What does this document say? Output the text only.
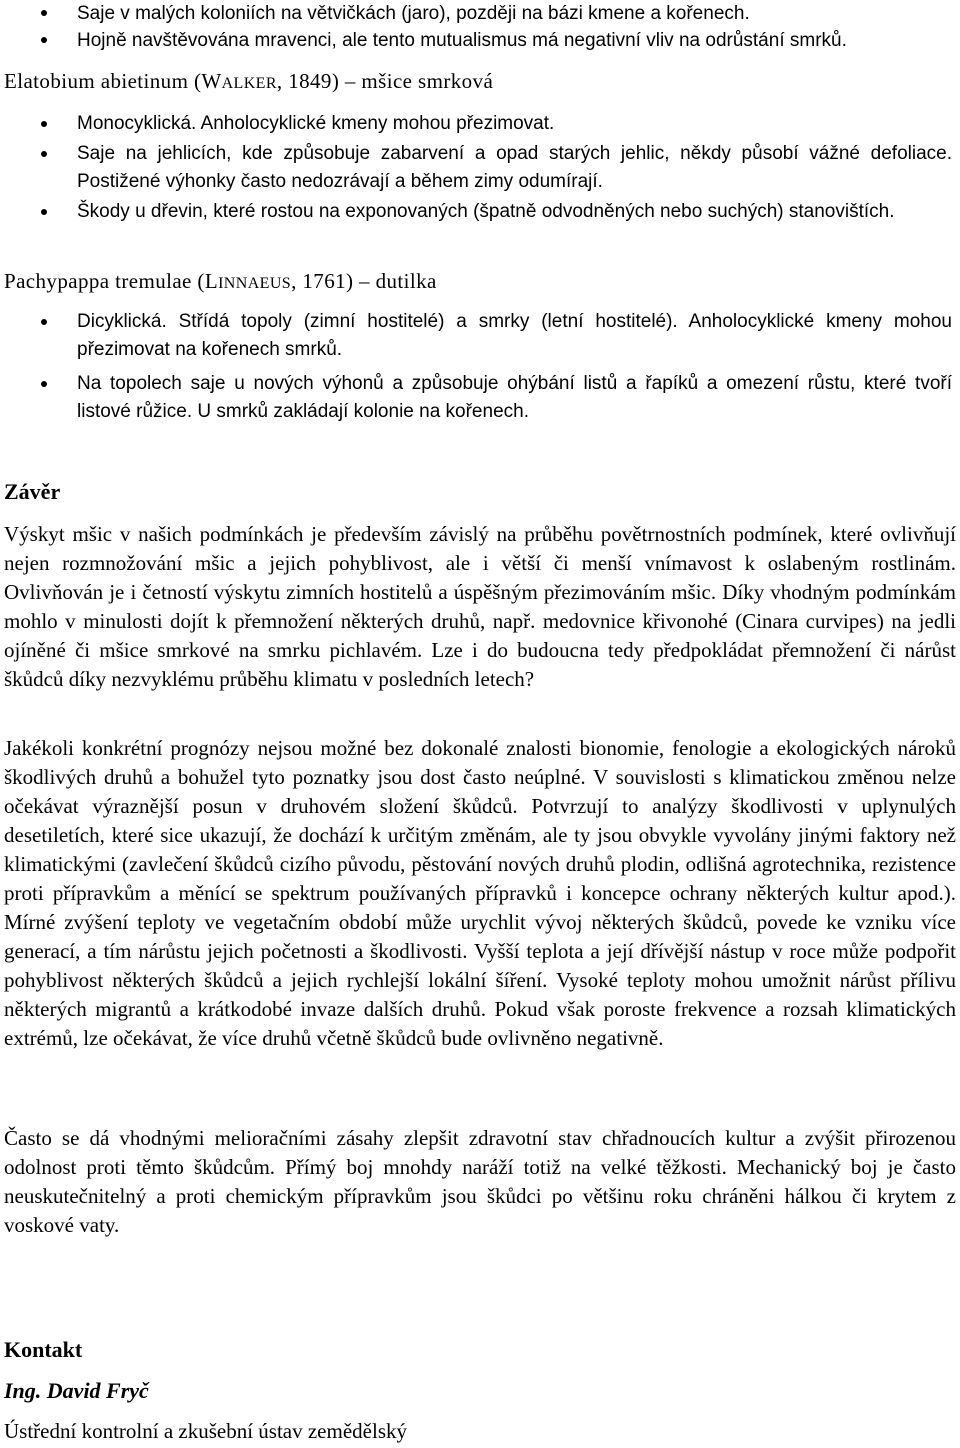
Saje v malých koloniích na větvičkách (jaro), později na bázi kmene a kořenech.
Hojně navštěvována mravenci, ale tento mutualismus má negativní vliv na odrůstání smrků.
Elatobium abietinum (WALKER, 1849) – mšice smrková
Monocyklická. Anholocyklické kmeny mohou přezimovat.
Saje na jehlicích, kde způsobuje zabarvení a opad starých jehlic, někdy působí vážné defoliace. Postižené výhonky často nedozrávají a během zimy odumírají.
Škody u dřevin, které rostou na exponovaných (špatně odvodněných nebo suchých) stanovištích.
Pachypappa tremulae (LINNAEUS, 1761) – dutilka
Dicyklická. Střídá topoly (zimní hostitelé) a smrky (letní hostitelé). Anholocyklické kmeny mohou přezimovat na kořenech smrků.
Na topolech saje u nových výhonů a způsobuje ohýbání listů a řapíků a omezení růstu, které tvoří listové růžice. U smrků zakládají kolonie na kořenech.
Závěr

Výskyt mšic v našich podmínkách je především závislý na průběhu povětrnostních podmínek, které ovlivňují nejen rozmnožování mšic a jejich pohyblivost, ale i větší či menší vnímavost k oslabeným rostlinám. Ovlivňován je i četností výskytu zimních hostitelů a úspěšným přezimováním mšic. Díky vhodným podmínkám mohlo v minulosti dojít k přemnožení některých druhů, např. medovnice křivonohé (Cinara curvipes) na jedli ojíněné či mšice smrkové na smrku pichlavém. Lze i do budoucna tedy předpokládat přemnožení či nárůst škůdců díky nezvyklému průběhu klimatu v posledních letech?

Jakékoli konkrétní prognózy nejsou možné bez dokonalé znalosti bionomie, fenologie a ekologických nároků škodlivých druhů a bohužel tyto poznatky jsou dost často neúplné. V souvislosti s klimatickou změnou nelze očekávat výraznější posun v druhovém složení škůdců. Potvrzují to analýzy škodlivosti v uplynulých desetiletích, které sice ukazují, že dochází k určitým změnám, ale ty jsou obvykle vyvolány jinými faktory než klimatickými (zavlečení škůdců cizího původu, pěstování nových druhů plodin, odlišná agrotechnika, rezistence proti přípravkům a měnící se spektrum používaných přípravků i koncepce ochrany některých kultur apod.). Mírné zvýšení teploty ve vegetačním období může urychlit vývoj některých škůdců, povede ke vzniku více generací, a tím nárůstu jejich početnosti a škodlivosti. Vyšší teplota a její dřívější nástup v roce může podpořit pohyblivost některých škůdců a jejich rychlejší lokální šíření. Vysoké teploty mohou umožnit nárůst přílivu některých migrantů a krátkodobé invaze dalších druhů. Pokud však poroste frekvence a rozsah klimatických extrémů, lze očekávat, že více druhů včetně škůdců bude ovlivněno negativně.

Často se dá vhodnými melioračními zásahy zlepšit zdravotní stav chřadnoucích kultur a zvýšit přirozenou odolnost proti těmto škůdcům. Přímý boj mnohdy naráží totiž na velké těžkosti. Mechanický boj je často neuskutečnitelný a proti chemickým přípravkům jsou škůdci po většinu roku chráněni hálkou či krytem z voskové vaty.

Kontakt
Ing. David Fryč
Ústřední kontrolní a zkušební ústav zemědělský
